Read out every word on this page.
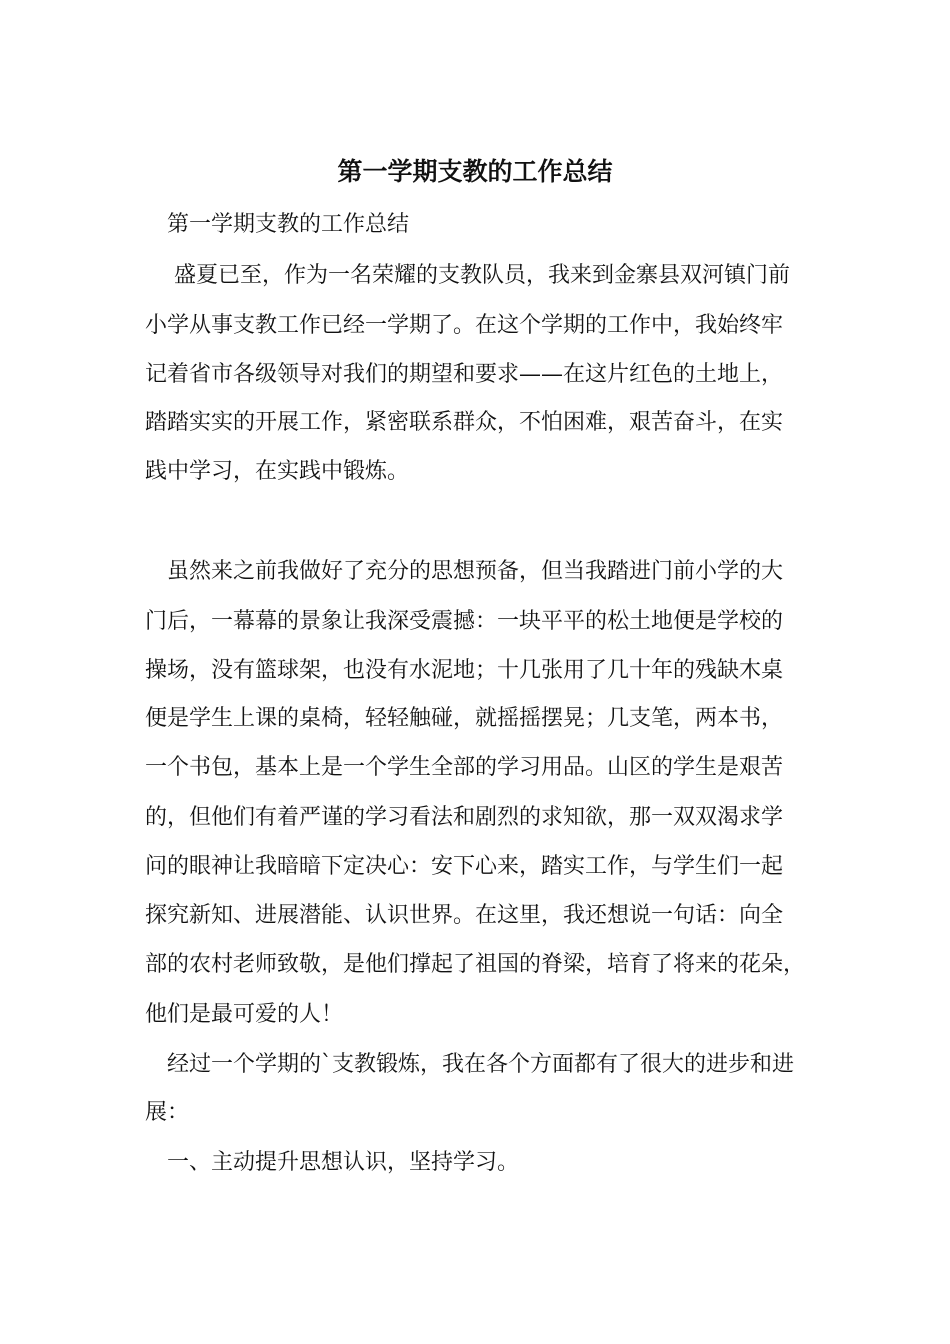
第一学期支教的工作总结
　第一学期支教的工作总结
　 盛夏已至，作为一名荣耀的支教队员，我来到金寨县双河镇门前
小学从事支教工作已经一学期了。在这个学期的工作中，我始终牢
记着省市各级领导对我们的期望和要求——在这片红色的土地上，
踏踏实实的开展工作，紧密联系群众，不怕困难，艰苦奋斗，在实
践中学习，在实践中锻炼。
　虽然来之前我做好了充分的思想预备，但当我踏进门前小学的大
门后，一幕幕的景象让我深受震撼：一块平平的松土地便是学校的
操场，没有篮球架，也没有水泥地；十几张用了几十年的残缺木桌
便是学生上课的桌椅，轻轻触碰，就摇摇摆晃；几支笔，两本书，
一个书包，基本上是一个学生全部的学习用品。山区的学生是艰苦
的，但他们有着严谨的学习看法和剧烈的求知欲，那一双双渴求学
问的眼神让我暗暗下定决心：安下心来，踏实工作，与学生们一起
探究新知、进展潜能、认识世界。在这里，我还想说一句话：向全
部的农村老师致敬，是他们撑起了祖国的脊梁，培育了将来的花朵，
他们是最可爱的人！
　经过一个学期的`支教锻炼，我在各个方面都有了很大的进步和进
展：
　一、主动提升思想认识，坚持学习。
